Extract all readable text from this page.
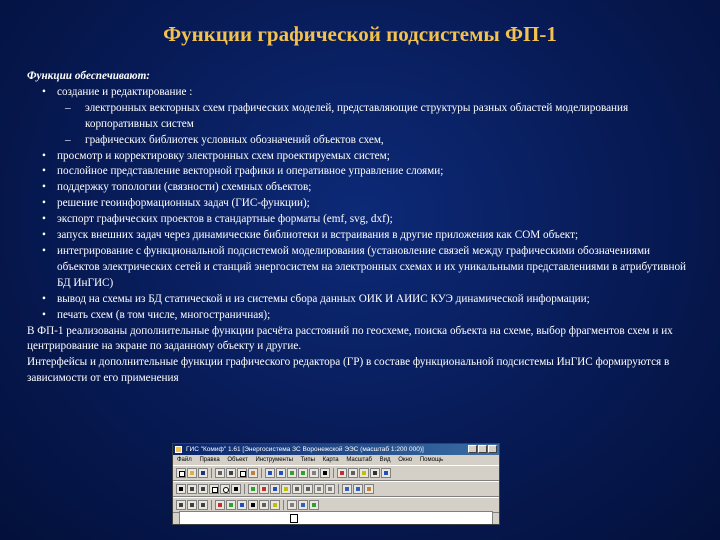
Функции графической подсистемы ФП-1

Функции обеспечивают:

• создание и редактирование :

– электронных векторных схем графических моделей, представляющие структуры разных областей моделирования корпоративных систем

– графических библиотек условных обозначений объектов схем,

• просмотр и корректировку электронных схем проектируемых систем;

• послойное представление векторной графики и оперативное управление слоями;

• поддержку топологии (связности) схемных объектов;

• решение геоинформационных задач (ГИС-функции);

• экспорт графических проектов в стандартные форматы (emf, svg, dxf);

• запуск внешних задач через динамические библиотеки и встраивания в другие приложения как COM объект;

• интегрирование с функциональной подсистемой моделирования (установление связей между графическими обозначениями объектов электрических сетей и станций энергосистем на электронных схемах и их уникальными представлениями в атрибутивной БД ИнГИС)

• вывод на схемы из БД статической и из системы сбора данных ОИК И АИИС КУЭ динамической информации;

• печать схем (в том числе, многостраничная);

В ФП-1 реализованы дополнительные функции расчёта расстояний по геосхеме, поиска объекта на схеме, выбор фрагментов схем и их центрирование на экране по заданному объекту и другие.

Интерфейсы и дополнительные функции графического редактора (ГР) в составе функциональной подсистемы ИнГИС формируются в зависимости от его применения

ГИС "Комиф" 1.61 [Энергосистема ЗС Воронежской ЭЭС (масштаб 1:200 000)]
Файл Правка Объект Инструменты Типы Карта Масштаб Вид Окно Помощь
